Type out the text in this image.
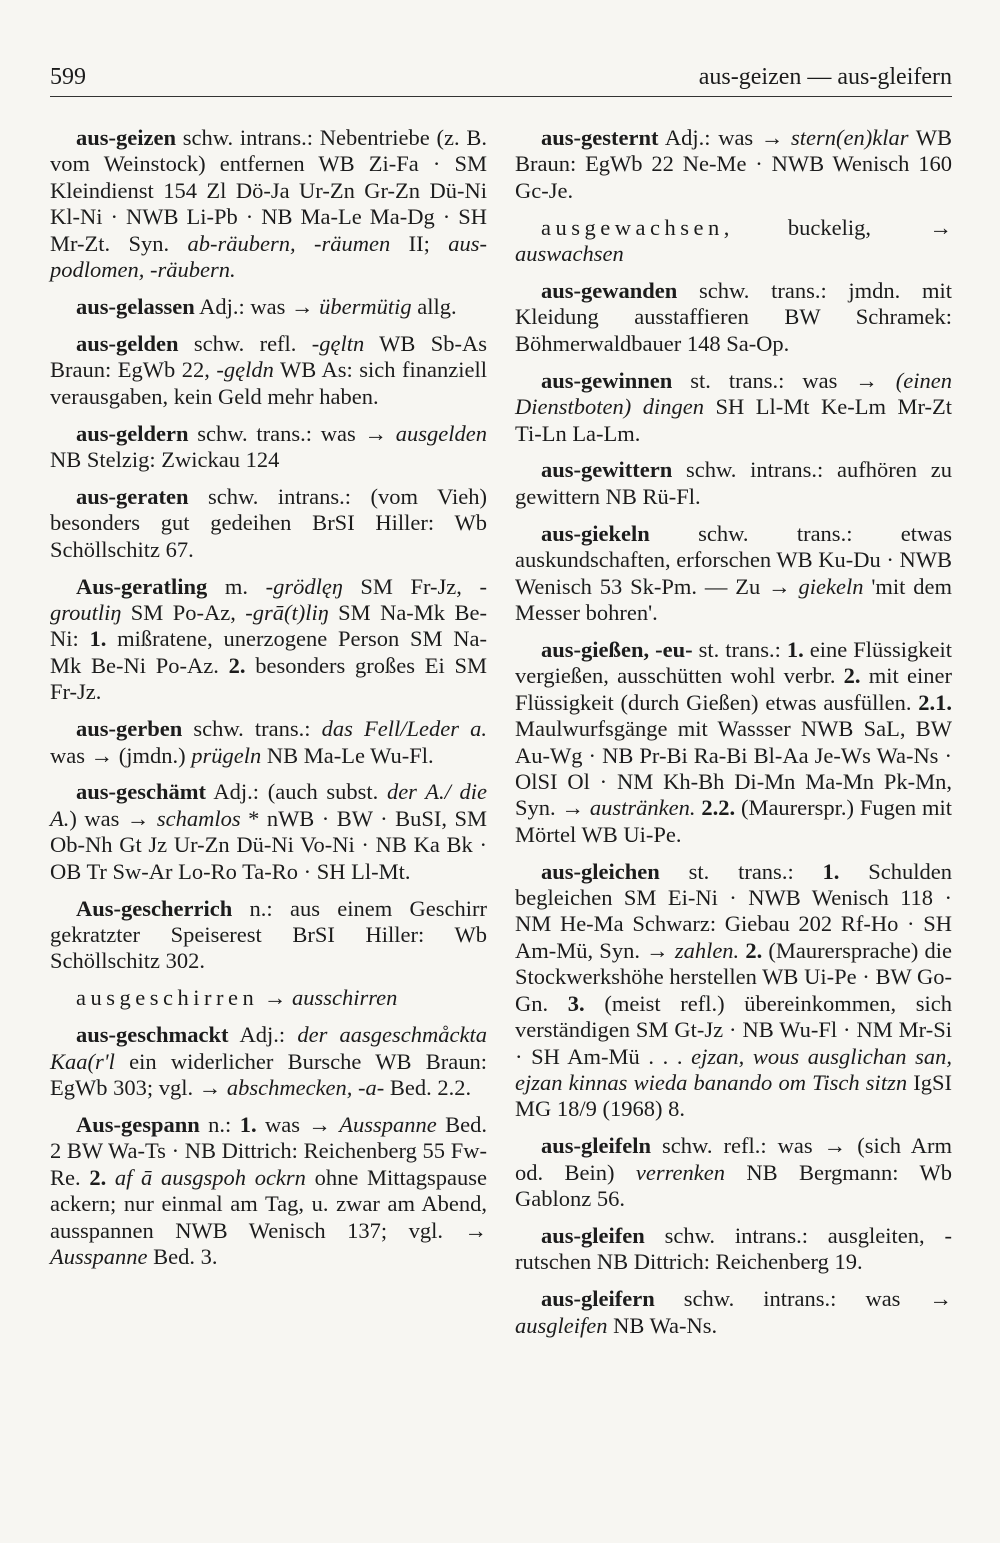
599	aus-geizen — aus-gleifern

aus-geizen schw. intrans.: Nebentriebe (z. B. vom Weinstock) entfernen WB Zi-Fa · SM Kleindienst 154 Zl Dö-Ja Ur-Zn Gr-Zn Dü-Ni Kl-Ni · NWB Li-Pb · NB Ma-Le Ma-Dg · SH Mr-Zt. Syn. ab-räubern, -räumen II; aus-podlomen, -räubern.

aus-gelassen Adj.: was → übermütig allg.

aus-gelden schw. refl. -gęltn WB Sb-As Braun: EgWb 22, -gęldn WB As: sich finanziell verausgaben, kein Geld mehr haben.

aus-geldern schw. trans.: was → ausgelden NB Stelzig: Zwickau 124

aus-geraten schw. intrans.: (vom Vieh) besonders gut gedeihen BrSI Hiller: Wb Schöllschitz 67.

Aus-geratling m. -grödlęŋ SM Fr-Jz, -groutliŋ SM Po-Az, -grā(t)liŋ SM Na-Mk Be-Ni: 1. mißratene, unerzogene Person SM Na-Mk Be-Ni Po-Az. 2. besonders großes Ei SM Fr-Jz.

aus-gerben schw. trans.: das Fell/Leder a. was → (jmdn.) prügeln NB Ma-Le Wu-Fl.

aus-geschämt Adj.: (auch subst. der A./ die A.) was → schamlos * nWB · BW · BuSI, SM Ob-Nh Gt Jz Ur-Zn Dü-Ni Vo-Ni · NB Ka Bk · OB Tr Sw-Ar Lo-Ro Ta-Ro · SH Ll-Mt.

Aus-gescherrich n.: aus einem Geschirr gekratzter Speiserest BrSI Hiller: Wb Schöllschitz 302.

ausgeschirren → ausschirren

aus-geschmackt Adj.: der aasgeschmåckta Kaa(r'l ein widerlicher Bursche WB Braun: EgWb 303; vgl. → abschmecken, -a- Bed. 2.2.

Aus-gespann n.: 1. was → Ausspanne Bed. 2 BW Wa-Ts · NB Dittrich: Reichenberg 55 Fw-Re. 2. af ā ausgspoh ockrn ohne Mittagspause ackern; nur einmal am Tag, u. zwar am Abend, ausspannen NWB Wenisch 137; vgl. → Ausspanne Bed. 3.

aus-gesternt Adj.: was → stern(en)klar WB Braun: EgWb 22 Ne-Me · NWB Wenisch 160 Gc-Je.

ausgewachsen, buckelig, → auswachsen

aus-gewanden schw. trans.: jmdn. mit Kleidung ausstaffieren BW Schramek: Böhmerwaldbauer 148 Sa-Op.

aus-gewinnen st. trans.: was → (einen Dienstboten) dingen SH Ll-Mt Ke-Lm Mr-Zt Ti-Ln La-Lm.

aus-gewittern schw. intrans.: aufhören zu gewittern NB Rü-Fl.

aus-giekeln schw. trans.: etwas auskundschaften, erforschen WB Ku-Du · NWB Wenisch 53 Sk-Pm. — Zu → giekeln 'mit dem Messer bohren'.

aus-gießen, -eu- st. trans.: 1. eine Flüssigkeit vergießen, ausschütten wohl verbr. 2. mit einer Flüssigkeit (durch Gießen) etwas ausfüllen. 2.1. Maulwurfsgänge mit Wassser NWB SaL, BW Au-Wg · NB Pr-Bi Ra-Bi Bl-Aa Je-Ws Wa-Ns · OlSI Ol · NM Kh-Bh Di-Mn Ma-Mn Pk-Mn, Syn. → austränken. 2.2. (Maurerspr.) Fugen mit Mörtel WB Ui-Pe.

aus-gleichen st. trans.: 1. Schulden begleichen SM Ei-Ni · NWB Wenisch 118 · NM He-Ma Schwarz: Giebau 202 Rf-Ho · SH Am-Mü, Syn. → zahlen. 2. (Maurersprache) die Stockwerkshöhe herstellen WB Ui-Pe · BW Go-Gn. 3. (meist refl.) übereinkommen, sich verständigen SM Gt-Jz · NB Wu-Fl · NM Mr-Si · SH Am-Mü . . . ejzan, wous ausglichan san, ejzan kinnas wieda banando om Tisch sitzn IgSI MG 18/9 (1968) 8.

aus-gleifeln schw. refl.: was → (sich Arm od. Bein) verrenken NB Bergmann: Wb Gablonz 56.

aus-gleifen schw. intrans.: ausgleiten, -rutschen NB Dittrich: Reichenberg 19.

aus-gleifern schw. intrans.: was → ausgleifen NB Wa-Ns.
